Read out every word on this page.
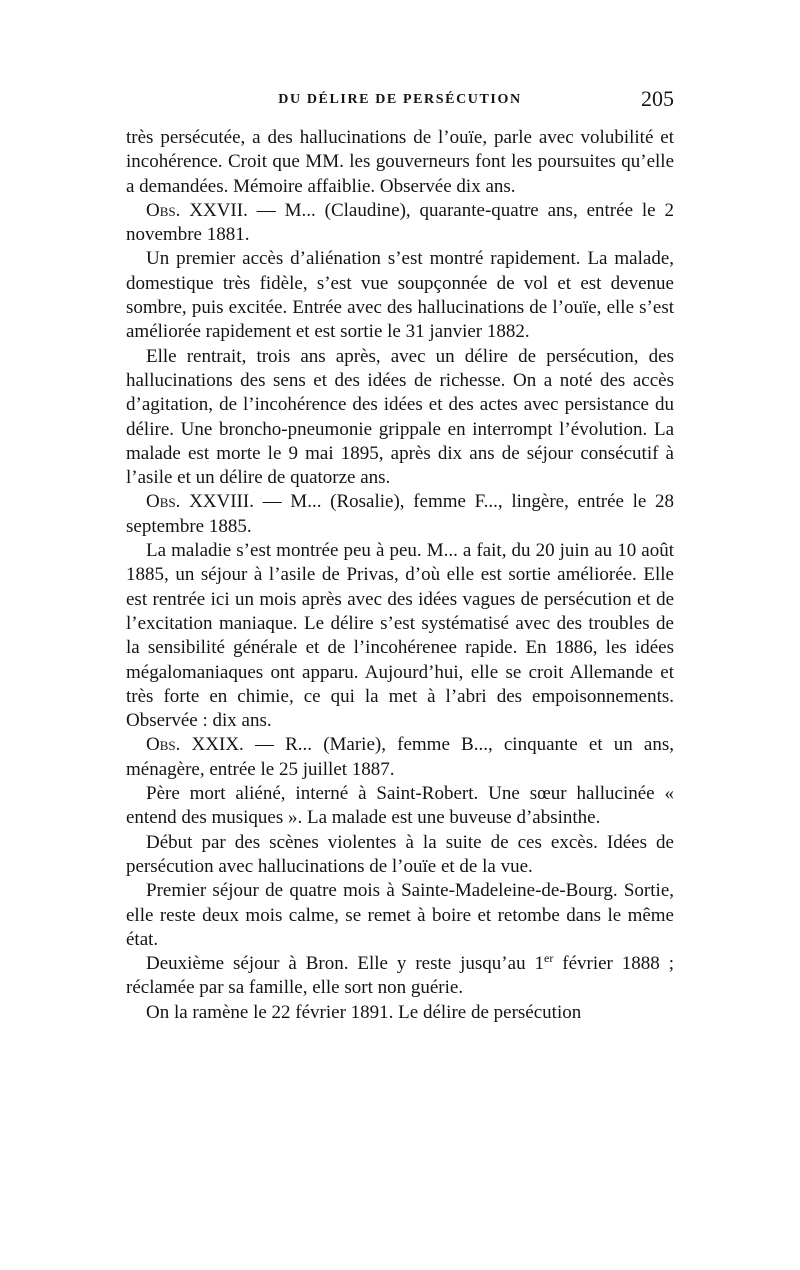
DU DÉLIRE DE PERSÉCUTION	205

très persécutée, a des hallucinations de l’ouïe, parle avec volubilité et incohérence. Croit que MM. les gouverneurs font les poursuites qu’elle a demandées. Mémoire affaiblie. Observée dix ans.

Obs. XXVII. — M... (Claudine), quarante-quatre ans, entrée le 2 novembre 1881.

Un premier accès d’aliénation s’est montré rapidement. La malade, domestique très fidèle, s’est vue soupçonnée de vol et est devenue sombre, puis excitée. Entrée avec des hallucinations de l’ouïe, elle s’est améliorée rapidement et est sortie le 31 janvier 1882.

Elle rentrait, trois ans après, avec un délire de persécution, des hallucinations des sens et des idées de richesse. On a noté des accès d’agitation, de l’incohérence des idées et des actes avec persistance du délire. Une broncho-pneumonie grippale en interrompt l’évolution. La malade est morte le 9 mai 1895, après dix ans de séjour consécutif à l’asile et un délire de quatorze ans.

Obs. XXVIII. — M... (Rosalie), femme F..., lingère, entrée le 28 septembre 1885.

La maladie s’est montrée peu à peu. M... a fait, du 20 juin au 10 août 1885, un séjour à l’asile de Privas, d’où elle est sortie améliorée. Elle est rentrée ici un mois après avec des idées vagues de persécution et de l’excitation maniaque. Le délire s’est systématisé avec des troubles de la sensibilité générale et de l’incohérenee rapide. En 1886, les idées mégalomaniaques ont apparu. Aujourd’hui, elle se croit Allemande et très forte en chimie, ce qui la met à l’abri des empoisonnements. Observée : dix ans.

Obs. XXIX. — R... (Marie), femme B..., cinquante et un ans, ménagère, entrée le 25 juillet 1887.

Père mort aliéné, interné à Saint-Robert. Une sœur hallucinée « entend des musiques ». La malade est une buveuse d’absinthe.

Début par des scènes violentes à la suite de ces excès. Idées de persécution avec hallucinations de l’ouïe et de la vue.

Premier séjour de quatre mois à Sainte-Madeleine-de-Bourg. Sortie, elle reste deux mois calme, se remet à boire et retombe dans le même état.

Deuxième séjour à Bron. Elle y reste jusqu’au 1er février 1888 ; réclamée par sa famille, elle sort non guérie.

On la ramène le 22 février 1891. Le délire de persécution
